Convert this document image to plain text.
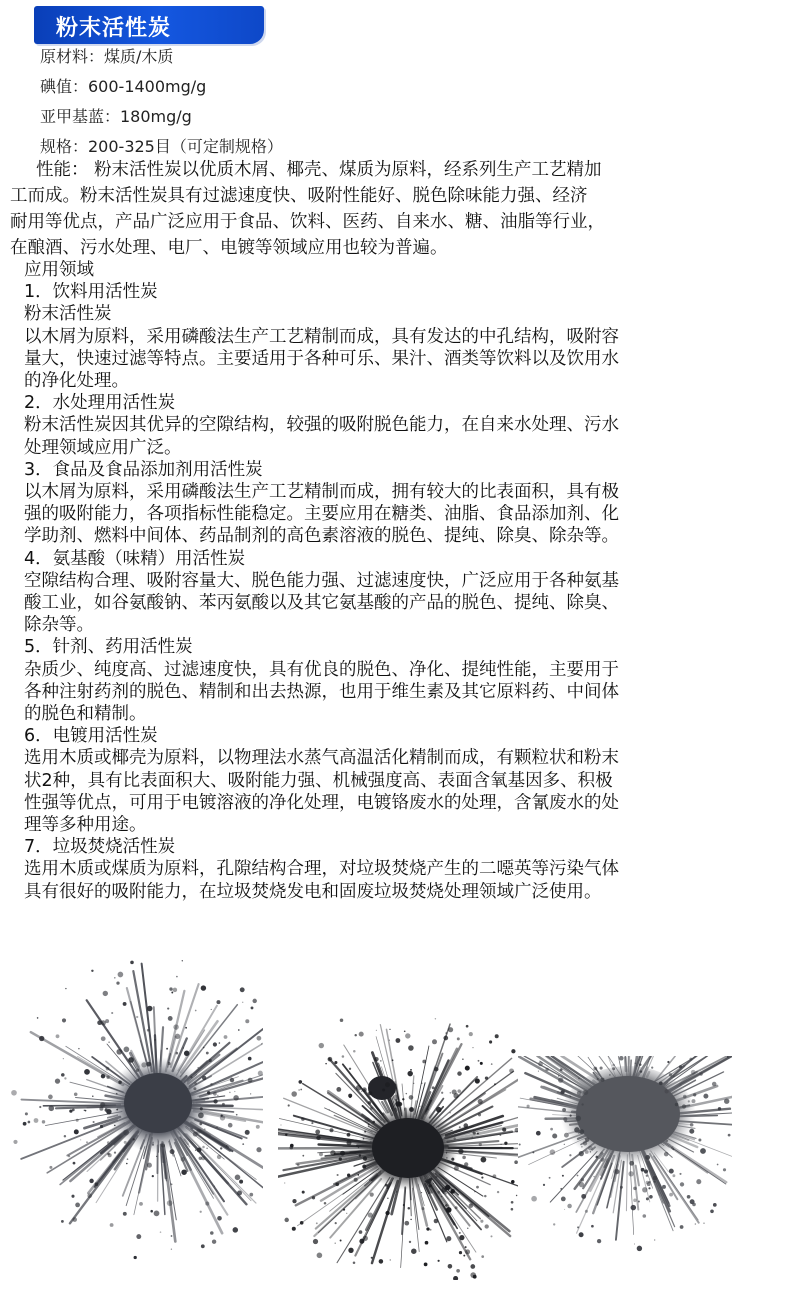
粉末活性炭
原材料：煤质/木质
碘值：600-1400mg/g
亚甲基蓝：180mg/g
规格：200-325目（可定制规格）
性能： 粉末活性炭以优质木屑、椰壳、煤质为原料，经系列生产工艺精加
工而成。粉末活性炭具有过滤速度快、吸附性能好、脱色除味能力强、经济
耐用等优点，产品广泛应用于食品、饮料、医药、自来水、糖、油脂等行业，
在酿酒、污水处理、电厂、电镀等领域应用也较为普遍。
应用领域
1．饮料用活性炭
粉末活性炭
以木屑为原料，采用磷酸法生产工艺精制而成，具有发达的中孔结构，吸附容
量大，快速过滤等特点。主要适用于各种可乐、果汁、酒类等饮料以及饮用水
的净化处理。
2．水处理用活性炭
粉末活性炭因其优异的空隙结构，较强的吸附脱色能力，在自来水处理、污水
处理领域应用广泛。
3．食品及食品添加剂用活性炭
以木屑为原料，采用磷酸法生产工艺精制而成，拥有较大的比表面积，具有极
强的吸附能力，各项指标性能稳定。主要应用在糖类、油脂、食品添加剂、化
学助剂、燃料中间体、药品制剂的高色素溶液的脱色、提纯、除臭、除杂等。
4．氨基酸（味精）用活性炭
空隙结构合理、吸附容量大、脱色能力强、过滤速度快，广泛应用于各种氨基
酸工业，如谷氨酸钠、苯丙氨酸以及其它氨基酸的产品的脱色、提纯、除臭、
除杂等。
5．针剂、药用活性炭
杂质少、纯度高、过滤速度快，具有优良的脱色、净化、提纯性能，主要用于
各种注射药剂的脱色、精制和出去热源，也用于维生素及其它原料药、中间体
的脱色和精制。
6．电镀用活性炭
选用木质或椰壳为原料，以物理法水蒸气高温活化精制而成，有颗粒状和粉末
状2种，具有比表面积大、吸附能力强、机械强度高、表面含氧基因多、积极
性强等优点，可用于电镀溶液的净化处理，电镀铬废水的处理，含氰废水的处
理等多种用途。
7．垃圾焚烧活性炭
选用木质或煤质为原料，孔隙结构合理，对垃圾焚烧产生的二噁英等污染气体
具有很好的吸附能力，在垃圾焚烧发电和固废垃圾焚烧处理领域广泛使用。
